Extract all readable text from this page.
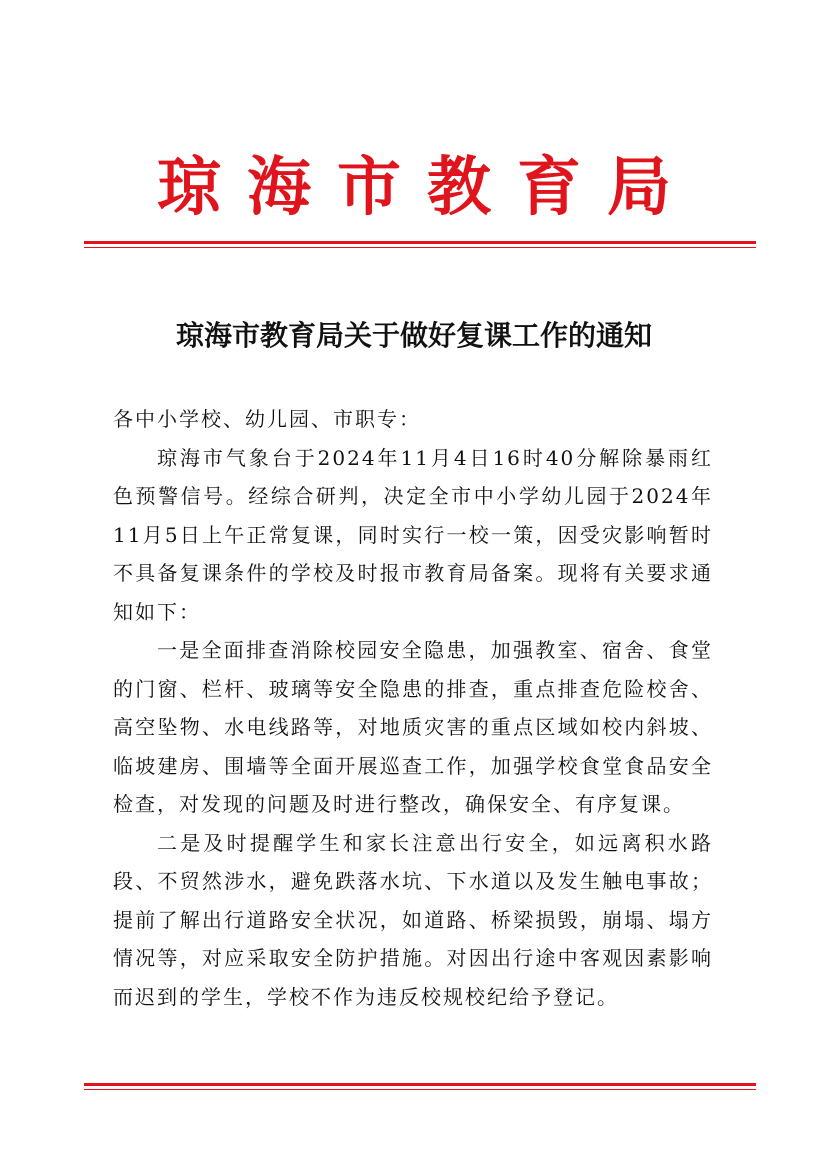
琼海市教育局
琼海市教育局关于做好复课工作的通知

各中小学校、幼儿园、市职专：

琼海市气象台于2024年11月4日16时40分解除暴雨红色预警信号。经综合研判，决定全市中小学幼儿园于2024年11月5日上午正常复课，同时实行一校一策，因受灾影响暂时不具备复课条件的学校及时报市教育局备案。现将有关要求通知如下：

一是全面排查消除校园安全隐患，加强教室、宿舍、食堂的门窗、栏杆、玻璃等安全隐患的排查，重点排查危险校舍、高空坠物、水电线路等，对地质灾害的重点区域如校内斜坡、临坡建房、围墙等全面开展巡查工作，加强学校食堂食品安全检查，对发现的问题及时进行整改，确保安全、有序复课。

二是及时提醒学生和家长注意出行安全，如远离积水路段、不贸然涉水，避免跌落水坑、下水道以及发生触电事故；提前了解出行道路安全状况，如道路、桥梁损毁，崩塌、塌方情况等，对应采取安全防护措施。对因出行途中客观因素影响而迟到的学生，学校不作为违反校规校纪给予登记。
